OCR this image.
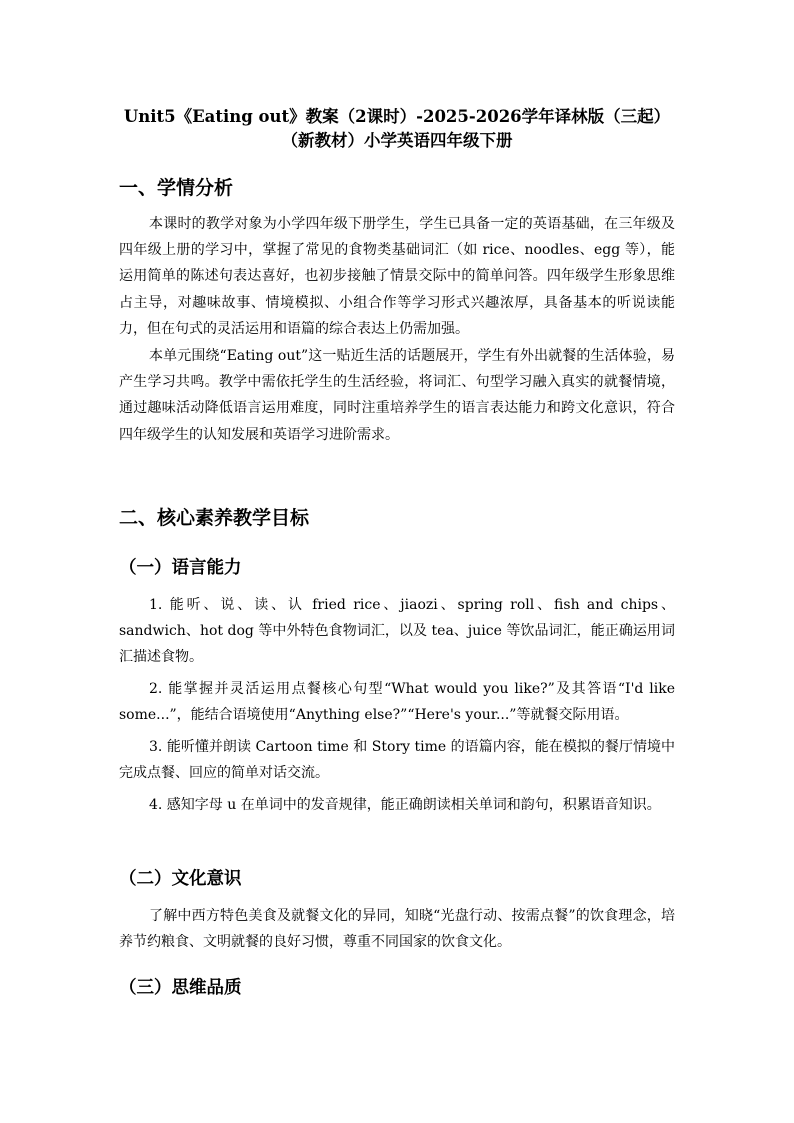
Unit5《Eating out》教案（2课时）-2025-2026学年译林版（三起）
（新教材）小学英语四年级下册
一、学情分析

本课时的教学对象为小学四年级下册学生，学生已具备一定的英语基础，在三年级及四年级上册的学习中，掌握了常见的食物类基础词汇（如 rice、noodles、egg 等），能运用简单的陈述句表达喜好，也初步接触了情景交际中的简单问答。四年级学生形象思维占主导，对趣味故事、情境模拟、小组合作等学习形式兴趣浓厚，具备基本的听说读能力，但在句式的灵活运用和语篇的综合表达上仍需加强。

本单元围绕“Eating out”这一贴近生活的话题展开，学生有外出就餐的生活体验，易产生学习共鸣。教学中需依托学生的生活经验，将词汇、句型学习融入真实的就餐情境，通过趣味活动降低语言运用难度，同时注重培养学生的语言表达能力和跨文化意识，符合四年级学生的认知发展和英语学习进阶需求。

二、核心素养教学目标
（一）语言能力

1. 能听、说、读、认 fried rice、jiaozi、spring roll、fish and chips、sandwich、hot dog 等中外特色食物词汇，以及 tea、juice 等饮品词汇，能正确运用词汇描述食物。

2. 能掌握并灵活运用点餐核心句型“What would you like?”及其答语“I'd like some...”，能结合语境使用“Anything else?”“Here's your...”等就餐交际用语。

3. 能听懂并朗读 Cartoon time 和 Story time 的语篇内容，能在模拟的餐厅情境中完成点餐、回应的简单对话交流。

4. 感知字母 u 在单词中的发音规律，能正确朗读相关单词和韵句，积累语音知识。

（二）文化意识

了解中西方特色美食及就餐文化的异同，知晓“光盘行动、按需点餐”的饮食理念，培养节约粮食、文明就餐的良好习惯，尊重不同国家的饮食文化。

（三）思维品质
